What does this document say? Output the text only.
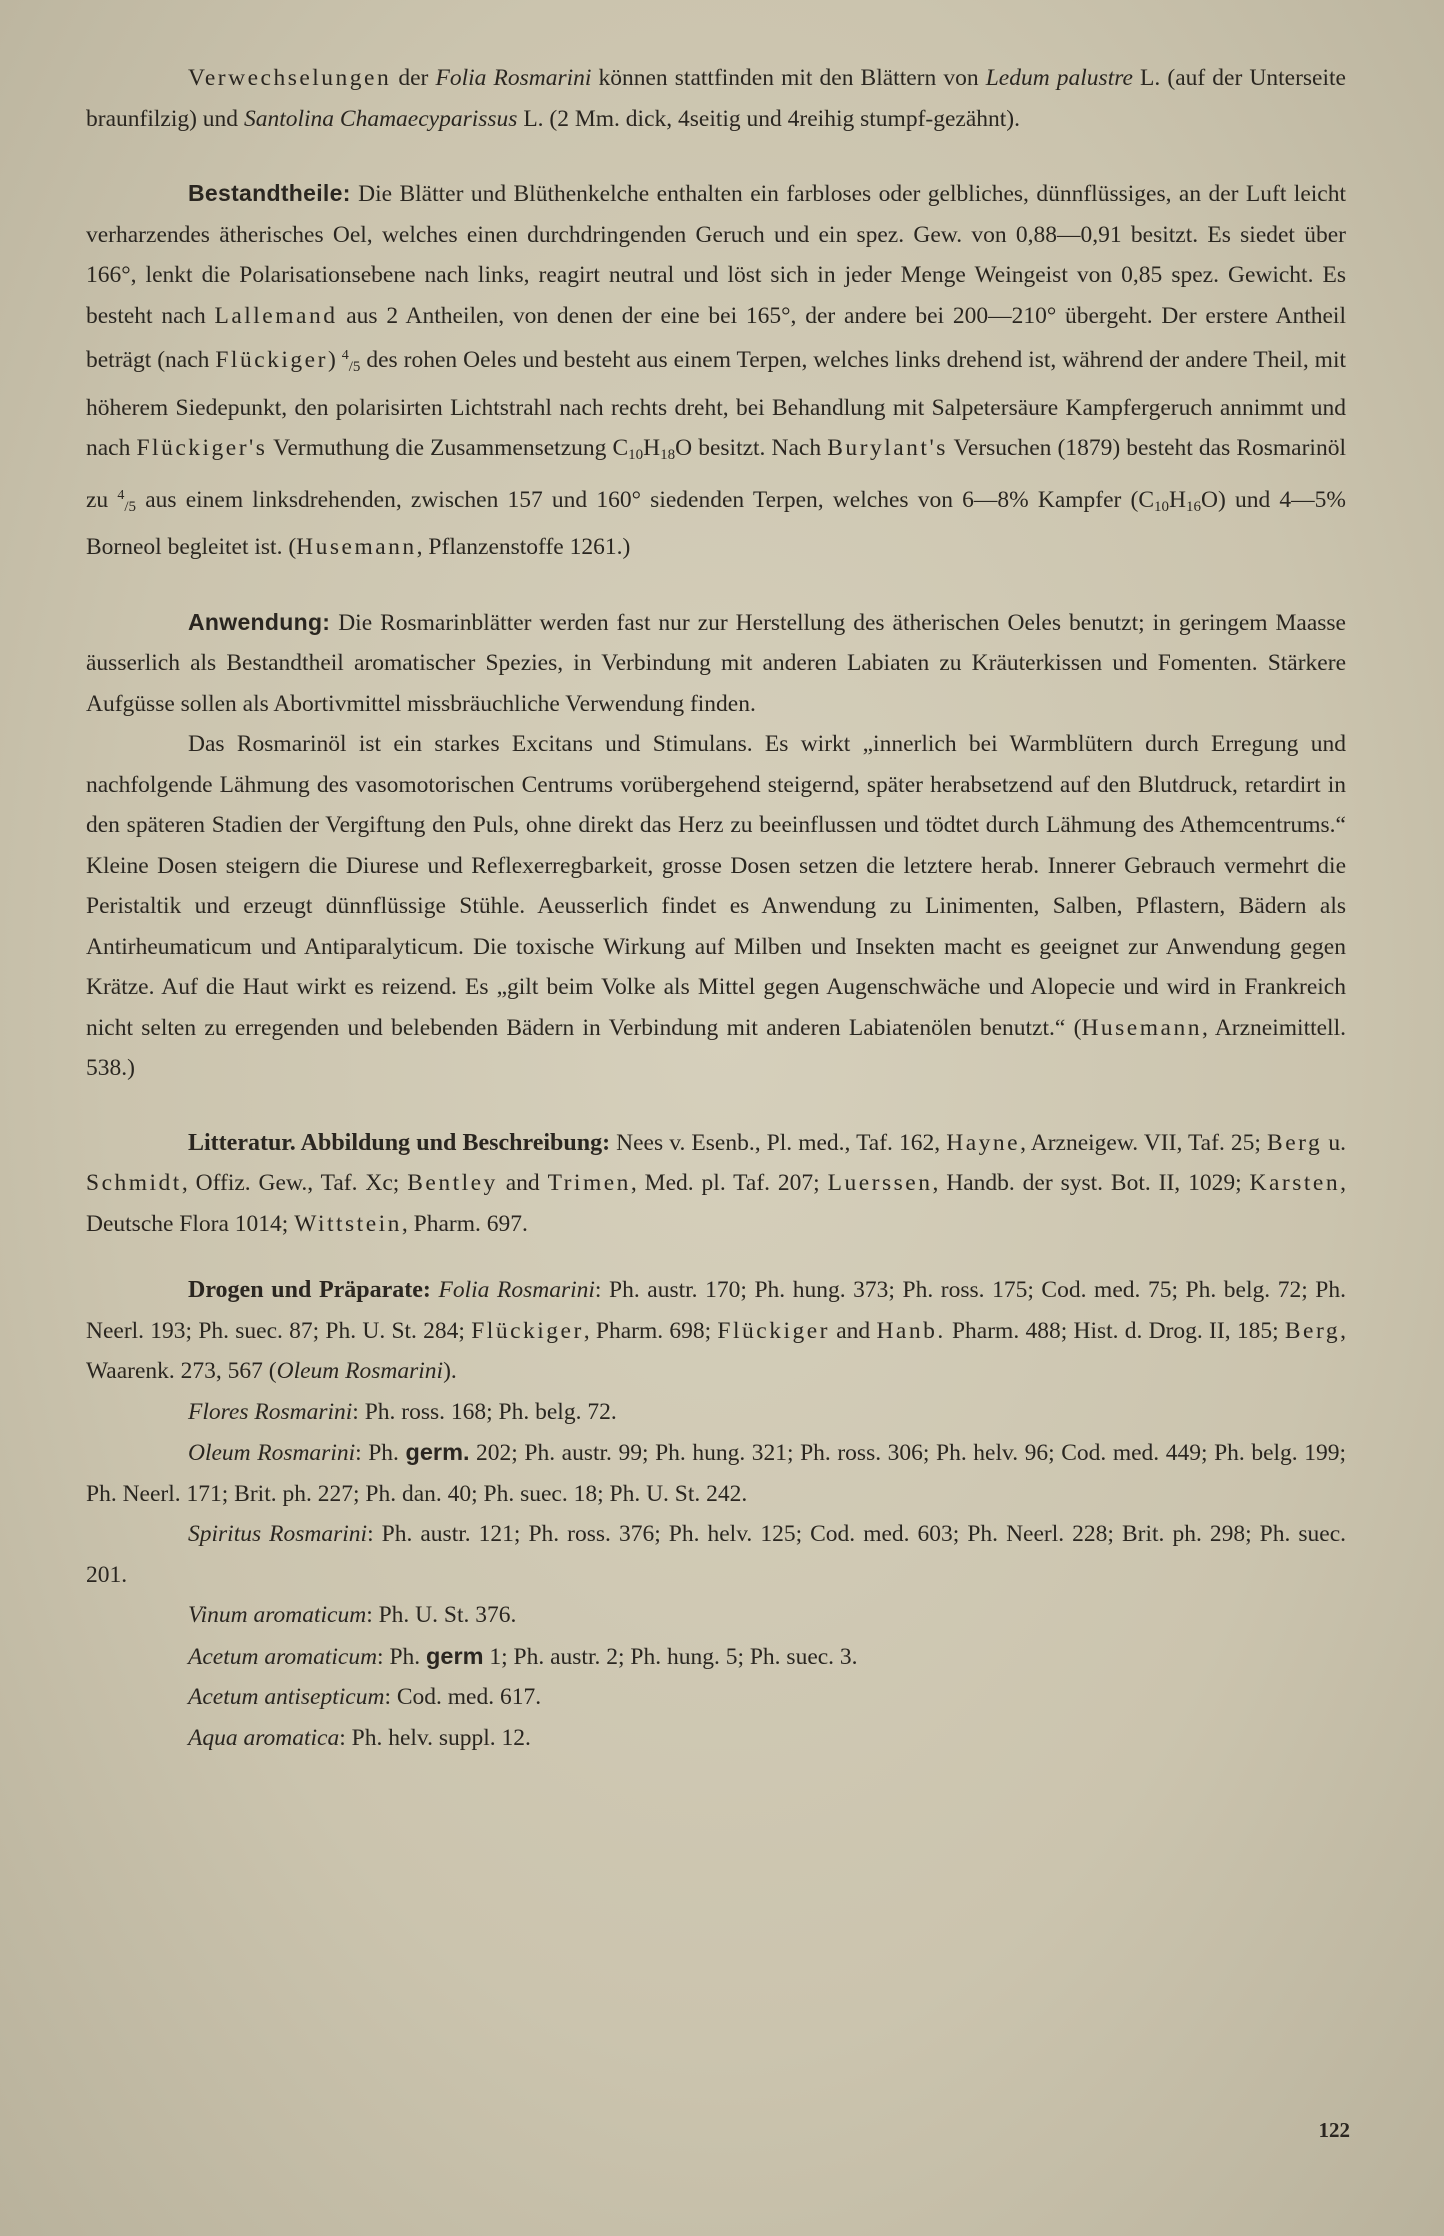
Verwechselungen der Folia Rosmarini können stattfinden mit den Blättern von Ledum palustre L. (auf der Unterseite braunfilzig) und Santolina Chamaecyparissus L. (2 Mm. dick, 4seitig und 4reihig stumpf-gezähnt).

Bestandtheile: Die Blätter und Blüthenkelche enthalten ein farbloses oder gelbliches, dünnflüssiges, an der Luft leicht verharzendes ätherisches Oel, welches einen durchdringenden Geruch und ein spez. Gew. von 0,88—0,91 besitzt. Es siedet über 166°, lenkt die Polarisationsebene nach links, reagirt neutral und löst sich in jeder Menge Weingeist von 0,85 spez. Gewicht. Es besteht nach Lallemand aus 2 Antheilen, von denen der eine bei 165°, der andere bei 200—210° übergeht. Der erstere Antheil beträgt (nach Flückiger) $^4_{/5}$ des rohen Oeles und besteht aus einem Terpen, welches links drehend ist, während der andere Theil, mit höherem Siedepunkt, den polarisirten Lichtstrahl nach rechts dreht, bei Behandlung mit Salpetersäure Kampfergeruch annimmt und nach Flückiger's Vermuthung die Zusammensetzung $C_{10}H_{18}O$ besitzt. Nach Burylant's Versuchen (1879) besteht das Rosmarinöl zu $^4_{/5}$ aus einem linksdrehenden, zwischen 157 und 160° siedenden Terpen, welches von 6—8% Kampfer $(C_{10}H_{16}O)$ und 4—5% Borneol begleitet ist. (Husemann, Pflanzenstoffe 1261.)

Anwendung: Die Rosmarinblätter werden fast nur zur Herstellung des ätherischen Oeles benutzt; in geringem Maasse äusserlich als Bestandtheil aromatischer Spezies, in Verbindung mit anderen Labiaten zu Kräuterkissen und Fomenten. Stärkere Aufgüsse sollen als Abortivmittel missbräuchliche Verwendung finden.

Das Rosmarinöl ist ein starkes Excitans und Stimulans. Es wirkt „innerlich bei Warmblütern durch Erregung und nachfolgende Lähmung des vasomotorischen Centrums vorübergehend steigernd, später herabsetzend auf den Blutdruck, retardirt in den späteren Stadien der Vergiftung den Puls, ohne direkt das Herz zu beeinflussen und tödtet durch Lähmung des Athemcentrums.“ Kleine Dosen steigern die Diurese und Reflexerregbarkeit, grosse Dosen setzen die letztere herab. Innerer Gebrauch vermehrt die Peristaltik und erzeugt dünnflüssige Stühle. Aeusserlich findet es Anwendung zu Linimenten, Salben, Pflastern, Bädern als Antirheumaticum und Antiparalyticum. Die toxische Wirkung auf Milben und Insekten macht es geeignet zur Anwendung gegen Krätze. Auf die Haut wirkt es reizend. Es „gilt beim Volke als Mittel gegen Augenschwäche und Alopecie und wird in Frankreich nicht selten zu erregenden und belebenden Bädern in Verbindung mit anderen Labiatenölen benutzt.“ (Husemann, Arzneimittell. 538.)

Litteratur. Abbildung und Beschreibung: Nees v. Esenb., Pl. med., Taf. 162, Hayne, Arzneigew. VII, Taf. 25; Berg u. Schmidt, Offiz. Gew., Taf. Xc; Bentley and Trimen, Med. pl. Taf. 207; Luerssen, Handb. der syst. Bot. II, 1029; Karsten, Deutsche Flora 1014; Wittstein, Pharm. 697.

Drogen und Präparate: Folia Rosmarini: Ph. austr. 170; Ph. hung. 373; Ph. ross. 175; Cod. med. 75; Ph. belg. 72; Ph. Neerl. 193; Ph. suec. 87; Ph. U. St. 284; Flückiger, Pharm. 698; Flückiger and Hanb. Pharm. 488; Hist. d. Drog. II, 185; Berg, Waarenk. 273, 567 (Oleum Rosmarini).

Flores Rosmarini: Ph. ross. 168; Ph. belg. 72.

Oleum Rosmarini: Ph. germ. 202; Ph. austr. 99; Ph. hung. 321; Ph. ross. 306; Ph. helv. 96; Cod. med. 449; Ph. belg. 199; Ph. Neerl. 171; Brit. ph. 227; Ph. dan. 40; Ph. suec. 18; Ph. U. St. 242.

Spiritus Rosmarini: Ph. austr. 121; Ph. ross. 376; Ph. helv. 125; Cod. med. 603; Ph. Neerl. 228; Brit. ph. 298; Ph. suec. 201.

Vinum aromaticum: Ph. U. St. 376.

Acetum aromaticum: Ph. germ 1; Ph. austr. 2; Ph. hung. 5; Ph. suec. 3.

Acetum antisepticum: Cod. med. 617.

Aqua aromatica: Ph. helv. suppl. 12.

122
